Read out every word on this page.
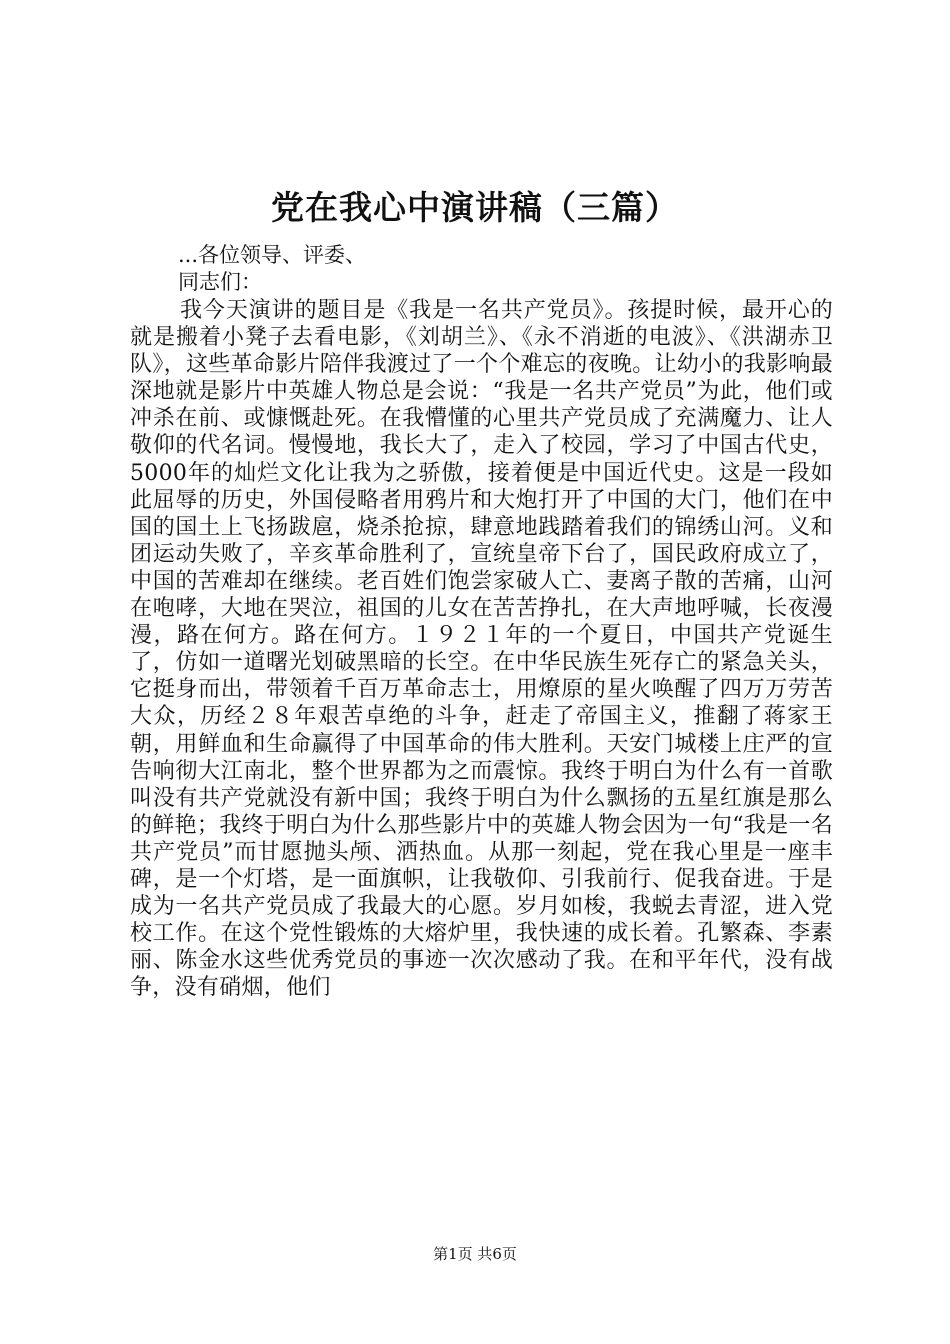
党在我心中演讲稿（三篇）
...各位领导、评委、
同志们：

我今天演讲的题目是《我是一名共产党员》。孩提时候，最开心的就是搬着小凳子去看电影，《刘胡兰》、《永不消逝的电波》、《洪湖赤卫队》，这些革命影片陪伴我渡过了一个个难忘的夜晚。让幼小的我影响最深地就是影片中英雄人物总是会说：“我是一名共产党员”为此，他们或冲杀在前、或慷慨赴死。在我懵懂的心里共产党员成了充满魔力、让人敬仰的代名词。慢慢地，我长大了，走入了校园，学习了中国古代史，5000年的灿烂文化让我为之骄傲，接着便是中国近代史。这是一段如此屈辱的历史，外国侵略者用鸦片和大炮打开了中国的大门，他们在中国的国土上飞扬跋扈，烧杀抢掠，肆意地践踏着我们的锦绣山河。义和团运动失败了，辛亥革命胜利了，宣统皇帝下台了，国民政府成立了，中国的苦难却在继续。老百姓们饱尝家破人亡、妻离子散的苦痛，山河在咆哮，大地在哭泣，祖国的儿女在苦苦挣扎，在大声地呼喊，长夜漫漫，路在何方。路在何方。１９２１年的一个夏日，中国共产党诞生了，仿如一道曙光划破黑暗的长空。在中华民族生死存亡的紧急关头，它挺身而出，带领着千百万革命志士，用燎原的星火唤醒了四万万劳苦大众，历经２８年艰苦卓绝的斗争，赶走了帝国主义，推翻了蒋家王朝，用鲜血和生命赢得了中国革命的伟大胜利。天安门城楼上庄严的宣告响彻大江南北，整个世界都为之而震惊。我终于明白为什么有一首歌叫没有共产党就没有新中国；我终于明白为什么飘扬的五星红旗是那么的鲜艳；我终于明白为什么那些影片中的英雄人物会因为一句“我是一名共产党员”而甘愿抛头颅、洒热血。从那一刻起，党在我心里是一座丰碑，是一个灯塔，是一面旗帜，让我敬仰、引我前行、促我奋进。于是成为一名共产党员成了我最大的心愿。岁月如梭，我蜕去青涩，进入党校工作。在这个党性锻炼的大熔炉里，我快速的成长着。孔繁森、李素丽、陈金水这些优秀党员的事迹一次次感动了我。在和平年代，没有战争，没有硝烟，他们

第1页 共6页
